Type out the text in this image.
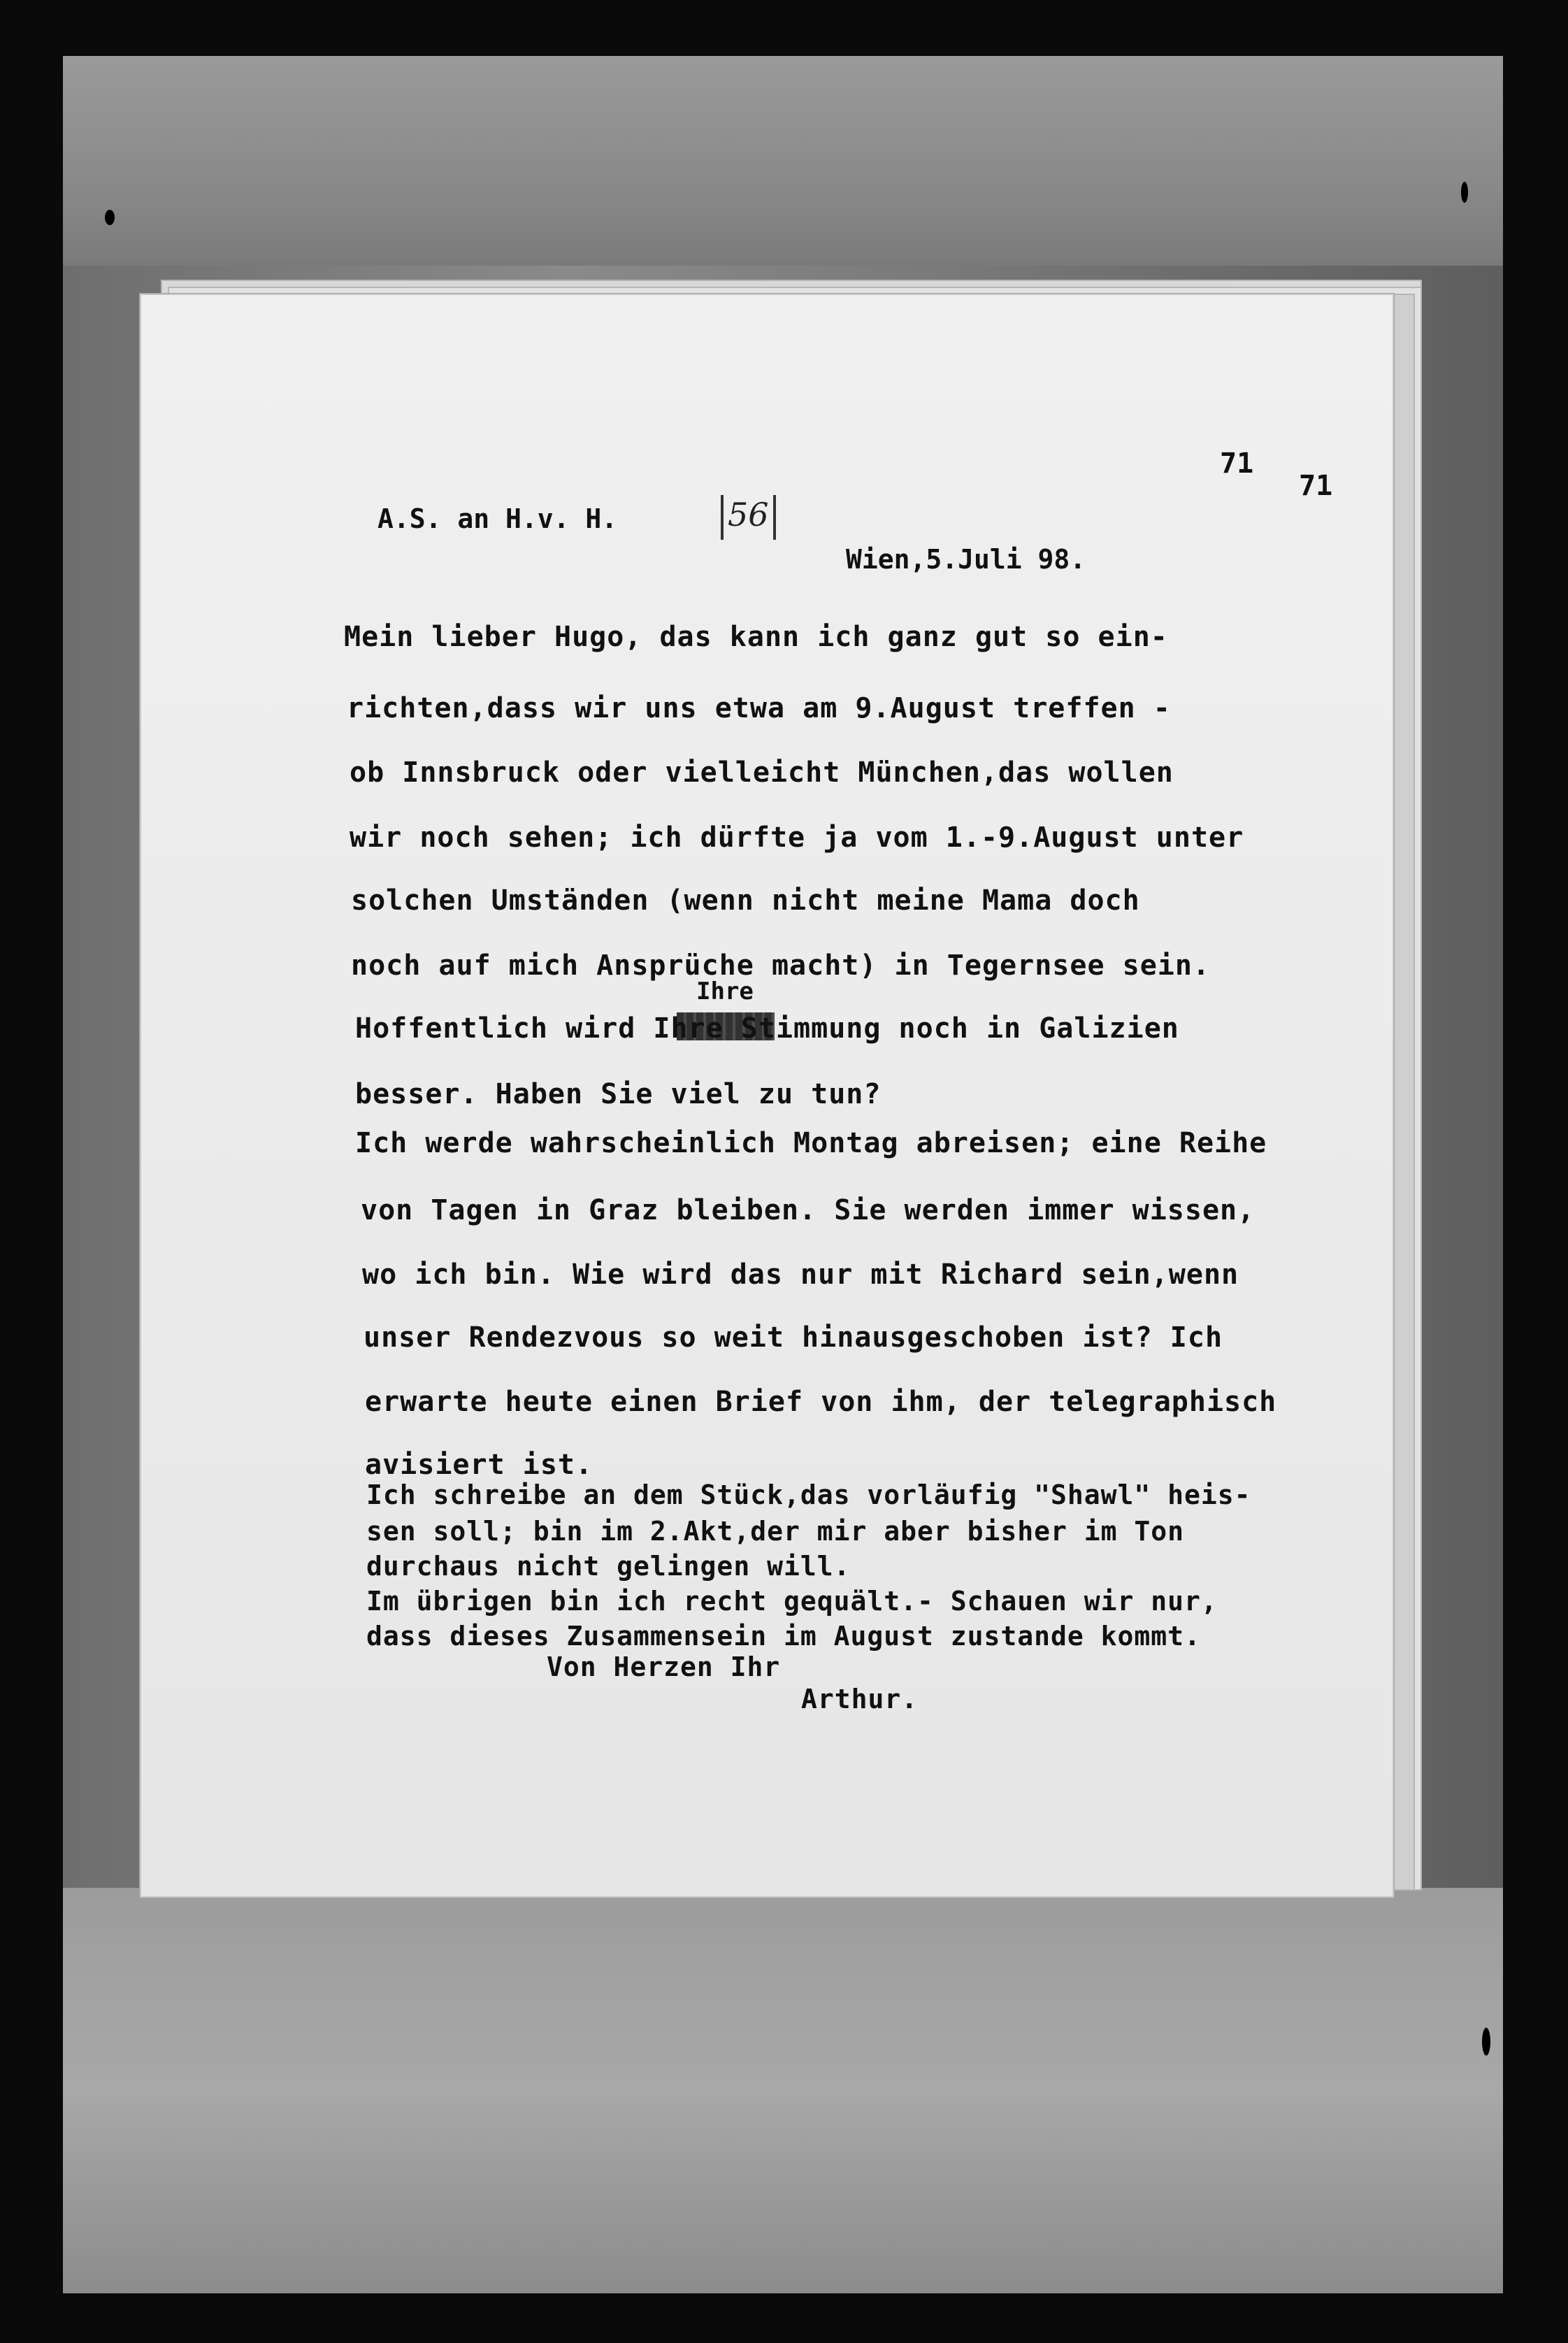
71
71
A.S. an H.v. H.	56
Wien,5.Juli 98.
Mein lieber Hugo, das kann ich ganz gut so ein-
richten,dass wir uns etwa am 9.August treffen -
ob Innsbruck oder vielleicht München,das wollen
wir noch sehen; ich dürfte ja vom 1.-9.August unter
solchen Umständen (wenn nicht meine Mama doch
noch auf mich Ansprüche macht) in Tegernsee sein.
Ihre
Hoffentlich wird Ihre Stimmung noch in Galizien
besser. Haben Sie viel zu tun?
Ich werde wahrscheinlich Montag abreisen; eine Reihe
von Tagen in Graz bleiben. Sie werden immer wissen,
wo ich bin. Wie wird das nur mit Richard sein,wenn
unser Rendezvous so weit hinausgeschoben ist? Ich
erwarte heute einen Brief von ihm, der telegraphisch
avisiert ist.
Ich schreibe an dem Stück,das vorläufig "Shawl" heis-
sen soll; bin im 2.Akt,der mir aber bisher im Ton
durchaus nicht gelingen will.
Im übrigen bin ich recht gequält.- Schauen wir nur,
dass dieses Zusammensein im August zustande kommt.
Von Herzen Ihr
Arthur.
